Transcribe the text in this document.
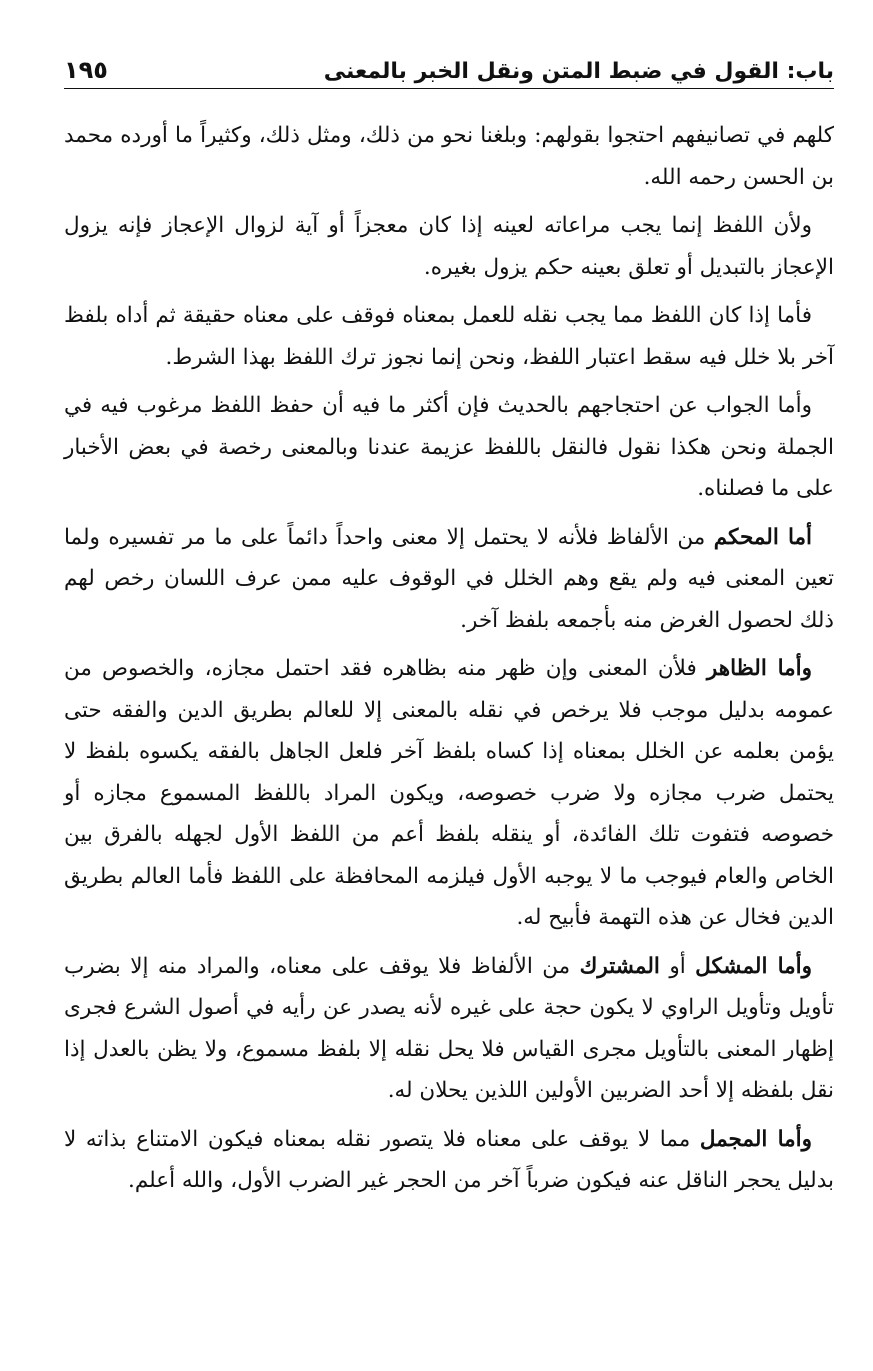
باب: القول في ضبط المتن ونقل الخبر بالمعنى
١٩٥

كلهم في تصانيفهم احتجوا بقولهم: وبلغنا نحو من ذلك، ومثل ذلك، وكثيراً ما أورده محمد بن الحسن رحمه الله.

ولأن اللفظ إنما يجب مراعاته لعينه إذا كان معجزاً أو آية لزوال الإعجاز فإنه يزول الإعجاز بالتبديل أو تعلق بعينه حكم يزول بغيره.

فأما إذا كان اللفظ مما يجب نقله للعمل بمعناه فوقف على معناه حقيقة ثم أداه بلفظ آخر بلا خلل فيه سقط اعتبار اللفظ، ونحن إنما نجوز ترك اللفظ بهذا الشرط.

وأما الجواب عن احتجاجهم بالحديث فإن أكثر ما فيه أن حفظ اللفظ مرغوب فيه في الجملة ونحن هكذا نقول فالنقل باللفظ عزيمة عندنا وبالمعنى رخصة في بعض الأخبار على ما فصلناه.

أما المحكم من الألفاظ فلأنه لا يحتمل إلا معنى واحداً دائماً على ما مر تفسيره ولما تعين المعنى فيه ولم يقع وهم الخلل في الوقوف عليه ممن عرف اللسان رخص لهم ذلك لحصول الغرض منه بأجمعه بلفظ آخر.

وأما الظاهر فلأن المعنى وإن ظهر منه بظاهره فقد احتمل مجازه، والخصوص من عمومه بدليل موجب فلا يرخص في نقله بالمعنى إلا للعالم بطريق الدين والفقه حتى يؤمن بعلمه عن الخلل بمعناه إذا كساه بلفظ آخر فلعل الجاهل بالفقه يكسوه بلفظ لا يحتمل ضرب مجازه ولا ضرب خصوصه، ويكون المراد باللفظ المسموع مجازه أو خصوصه فتفوت تلك الفائدة، أو ينقله بلفظ أعم من اللفظ الأول لجهله بالفرق بين الخاص والعام فيوجب ما لا يوجبه الأول فيلزمه المحافظة على اللفظ فأما العالم بطريق الدين فخال عن هذه التهمة فأبيح له.

وأما المشكل أو المشترك من الألفاظ فلا يوقف على معناه، والمراد منه إلا بضرب تأويل وتأويل الراوي لا يكون حجة على غيره لأنه يصدر عن رأيه في أصول الشرع فجرى إظهار المعنى بالتأويل مجرى القياس فلا يحل نقله إلا بلفظ مسموع، ولا يظن بالعدل إذا نقل بلفظه إلا أحد الضربين الأولين اللذين يحلان له.

وأما المجمل مما لا يوقف على معناه فلا يتصور نقله بمعناه فيكون الامتناع بذاته لا بدليل يحجر الناقل عنه فيكون ضرباً آخر من الحجر غير الضرب الأول، والله أعلم.
